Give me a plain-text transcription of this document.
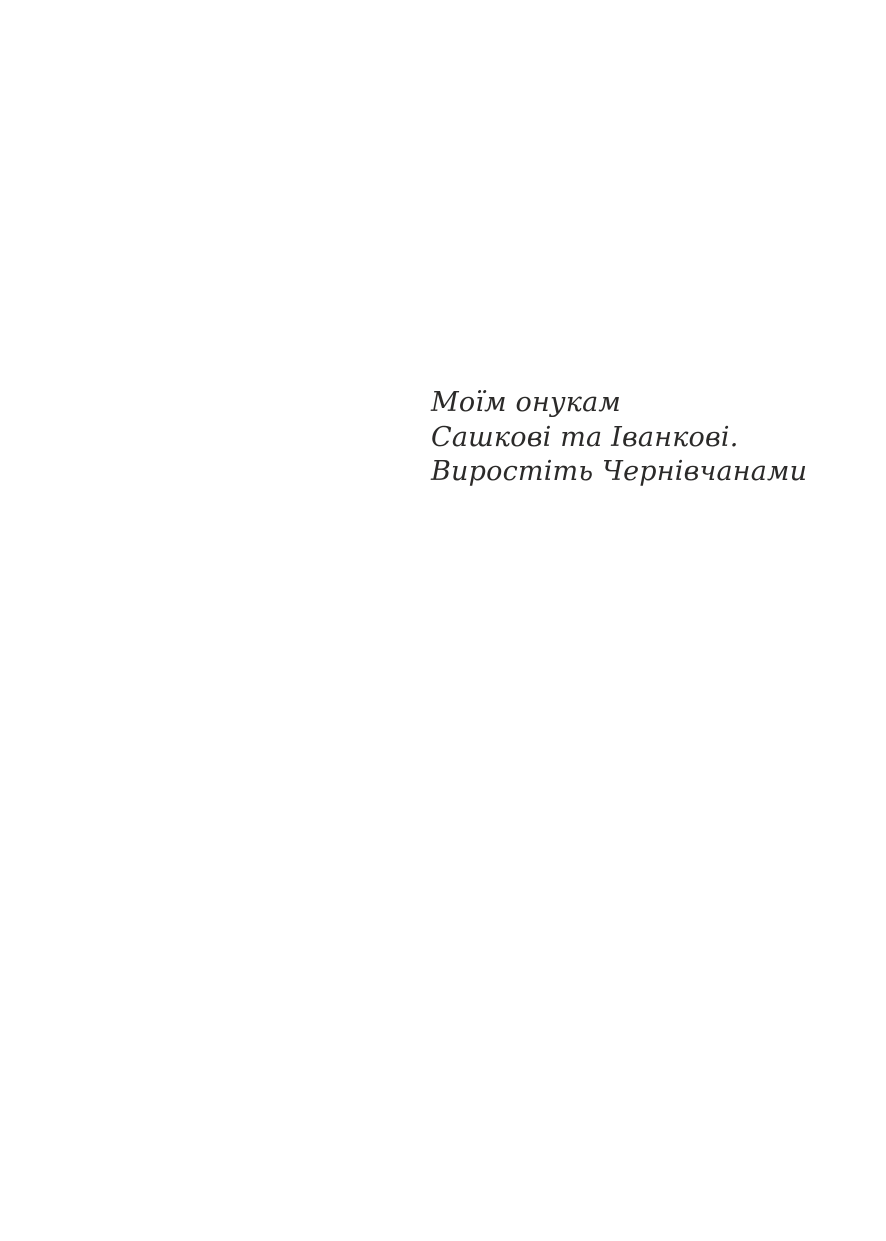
Моїм онукам
Сашкові та Іванкові.
Виростіть Чернівчанами
